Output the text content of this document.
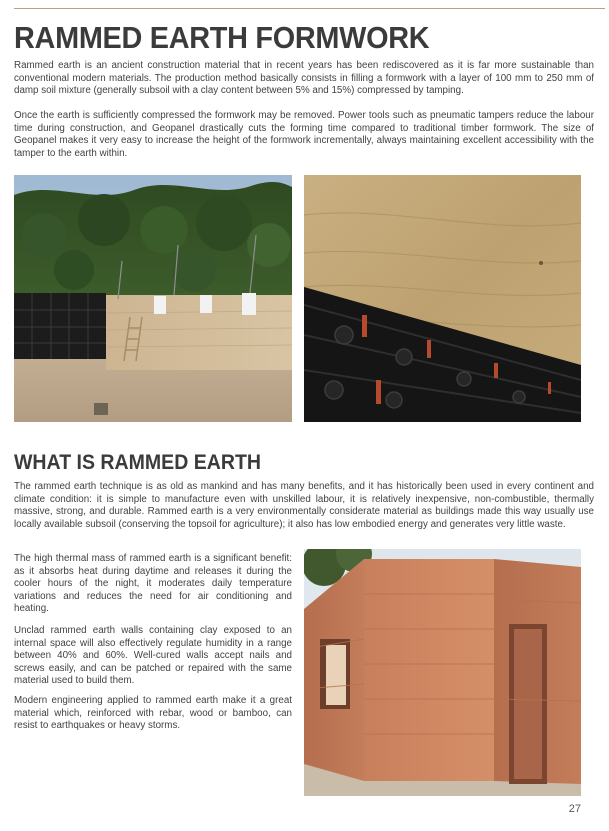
RAMMED EARTH FORMWORK

Rammed earth is an ancient construction material that in recent years has been rediscovered as it is far more sustainable than conventional modern materials. The production method basically consists in filling a formwork with a layer of 100 mm to 250 mm of damp soil mixture (generally subsoil with a clay content between 5% and 15%) compressed by tamping.

Once the earth is sufficiently compressed the formwork may be removed. Power tools such as pneumatic tampers reduce the labour time during construction, and Geopanel drastically cuts the forming time compared to traditional timber formwork. The size of Geopanel makes it very easy to increase the height of the formwork incrementally, always maintaining excellent accessibility with the tamper to the earth within.

WHAT IS RAMMED EARTH

The rammed earth technique is as old as mankind and has many benefits, and it has historically been used in every continent and climate condition: it is simple to manufacture even with unskilled labour, it is relatively inexpensive, non-combustible, thermally massive, strong, and durable. Rammed earth is a very environmentally considerate material as buildings made this way usually use locally available subsoil (conserving the topsoil for agriculture); it also has low embodied energy and generates very little waste.

The high thermal mass of rammed earth is a significant benefit: as it absorbs heat during daytime and releases it during the cooler hours of the night, it moderates daily temperature variations and reduces the need for air conditioning and heating.

Unclad rammed earth walls containing clay exposed to an internal space will also effectively regulate humidity in a range between 40% and 60%. Well-cured walls accept nails and screws easily, and can be patched or repaired with the same material used to build them.

Modern engineering applied to rammed earth make it a great material which, reinforced with rebar, wood or bamboo, can resist to earthquakes or heavy storms.

27
